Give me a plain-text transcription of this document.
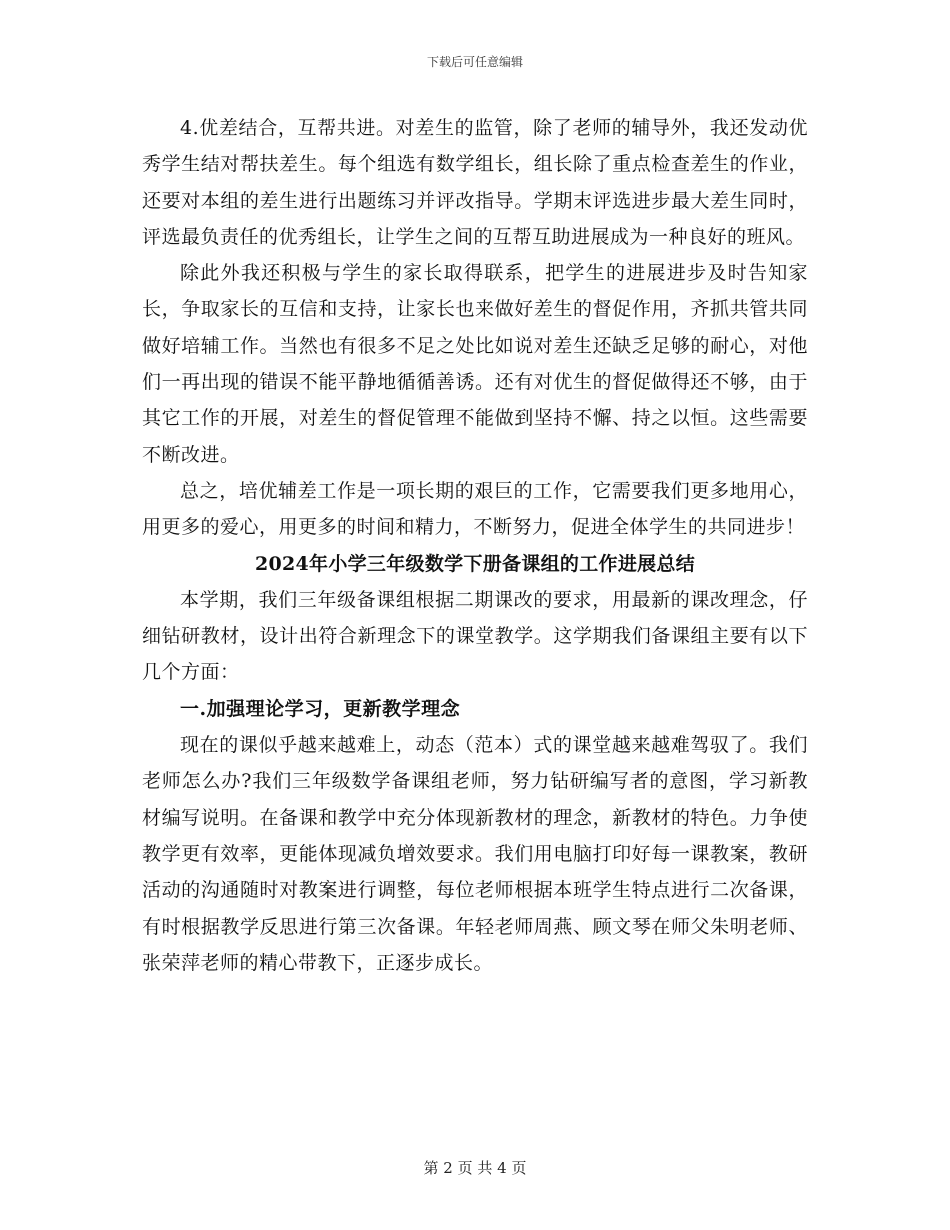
下载后可任意编辑

4.优差结合，互帮共进。对差生的监管，除了老师的辅导外，我还发动优秀学生结对帮扶差生。每个组选有数学组长，组长除了重点检查差生的作业，还要对本组的差生进行出题练习并评改指导。学期末评选进步最大差生同时，评选最负责任的优秀组长，让学生之间的互帮互助进展成为一种良好的班风。

除此外我还积极与学生的家长取得联系，把学生的进展进步及时告知家长，争取家长的互信和支持，让家长也来做好差生的督促作用，齐抓共管共同做好培辅工作。当然也有很多不足之处比如说对差生还缺乏足够的耐心，对他们一再出现的错误不能平静地循循善诱。还有对优生的督促做得还不够，由于其它工作的开展，对差生的督促管理不能做到坚持不懈、持之以恒。这些需要不断改进。

总之，培优辅差工作是一项长期的艰巨的工作，它需要我们更多地用心，用更多的爱心，用更多的时间和精力，不断努力，促进全体学生的共同进步！

2024年小学三年级数学下册备课组的工作进展总结

本学期，我们三年级备课组根据二期课改的要求，用最新的课改理念，仔细钻研教材，设计出符合新理念下的课堂教学。这学期我们备课组主要有以下几个方面：

一.加强理论学习，更新教学理念

现在的课似乎越来越难上，动态（范本）式的课堂越来越难驾驭了。我们老师怎么办?我们三年级数学备课组老师，努力钻研编写者的意图，学习新教材编写说明。在备课和教学中充分体现新教材的理念，新教材的特色。力争使教学更有效率，更能体现减负增效要求。我们用电脑打印好每一课教案，教研活动的沟通随时对教案进行调整，每位老师根据本班学生特点进行二次备课，有时根据教学反思进行第三次备课。年轻老师周燕、顾文琴在师父朱明老师、张荣萍老师的精心带教下，正逐步成长。

第 2 页 共 4 页
